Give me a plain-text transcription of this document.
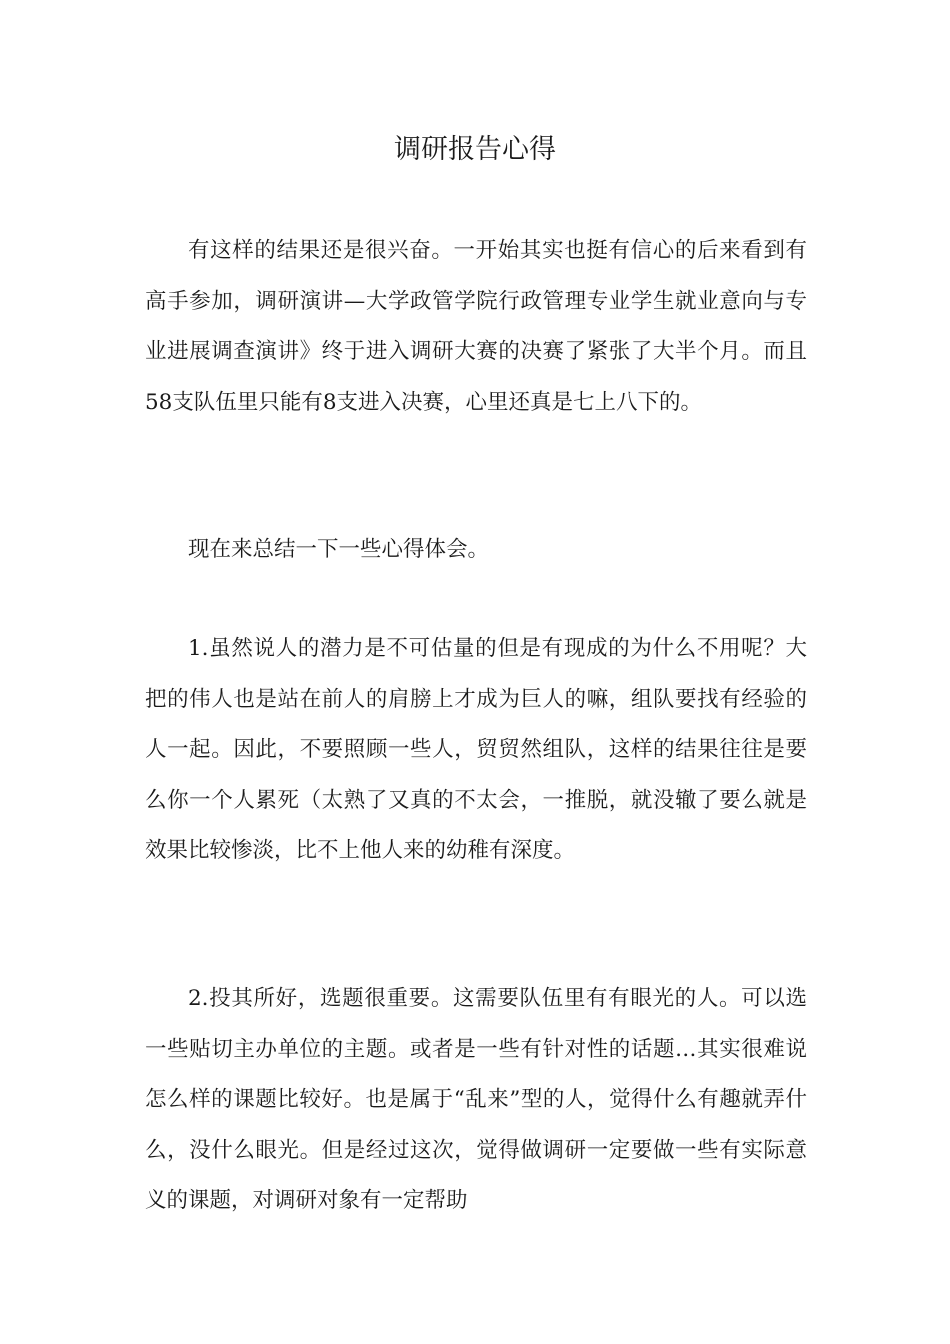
调研报告心得

有这样的结果还是很兴奋。一开始其实也挺有信心的后来看到有高手参加，调研演讲—大学政管学院行政管理专业学生就业意向与专业进展调查演讲》终于进入调研大赛的决赛了紧张了大半个月。而且58支队伍里只能有8支进入决赛，心里还真是七上八下的。

现在来总结一下一些心得体会。

1.虽然说人的潜力是不可估量的但是有现成的为什么不用呢？大把的伟人也是站在前人的肩膀上才成为巨人的嘛，组队要找有经验的人一起。因此，不要照顾一些人，贸贸然组队，这样的结果往往是要么你一个人累死（太熟了又真的不太会，一推脱，就没辙了要么就是效果比较惨淡，比不上他人来的幼稚有深度。

2.投其所好，选题很重要。这需要队伍里有有眼光的人。可以选一些贴切主办单位的主题。或者是一些有针对性的话题…其实很难说怎么样的课题比较好。也是属于“乱来”型的人，觉得什么有趣就弄什么，没什么眼光。但是经过这次，觉得做调研一定要做一些有实际意义的课题，对调研对象有一定帮助
